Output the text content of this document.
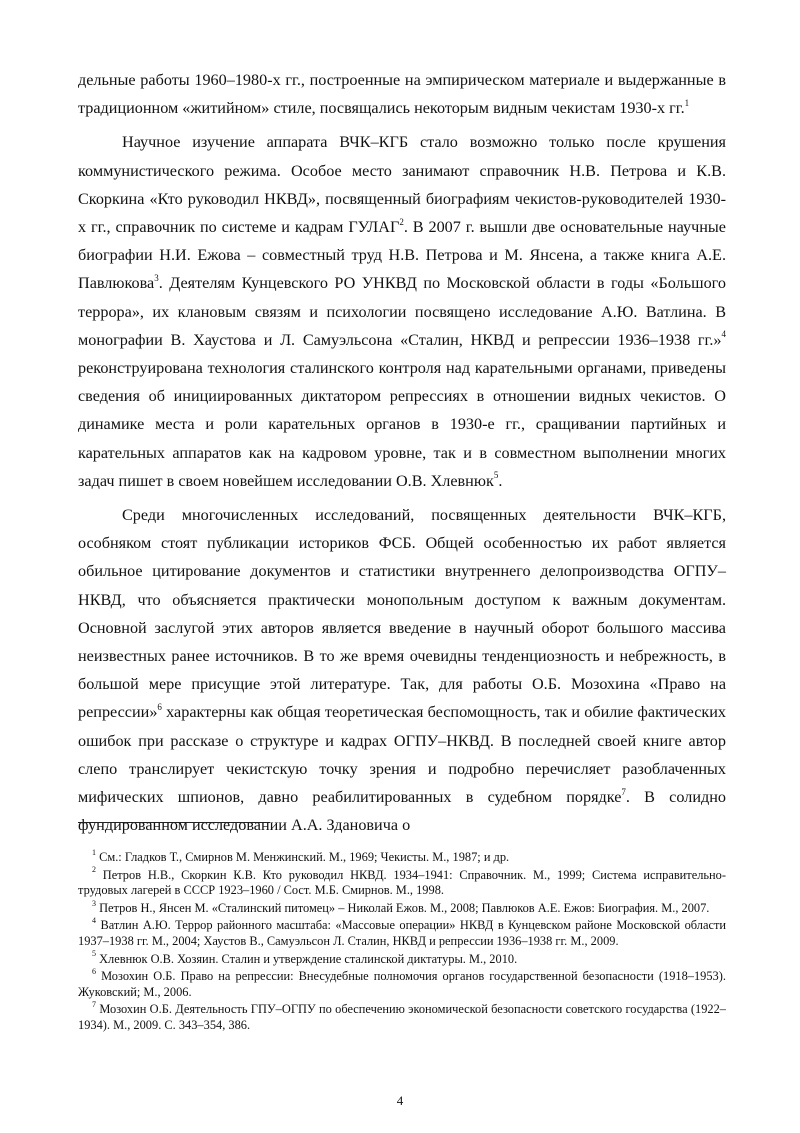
дельные работы 1960–1980-х гг., построенные на эмпирическом материале и выдержанные в традиционном «житийном» стиле, посвящались некоторым видным чекистам 1930-х гг.$^1$

Научное изучение аппарата ВЧК–КГБ стало возможно только после крушения коммунистического режима. Особое место занимают справочник Н.В. Петрова и К.В. Скоркина «Кто руководил НКВД», посвященный биографиям чекистов-руководителей 1930-х гг., справочник по системе и кадрам ГУЛАГ$^2$. В 2007 г. вышли две основательные научные биографии Н.И. Ежова – совместный труд Н.В. Петрова и М. Янсена, а также книга А.Е. Павлюкова$^3$. Деятелям Кунцевского РО УНКВД по Московской области в годы «Большого террора», их клановым связям и психологии посвящено исследование А.Ю. Ватлина. В монографии В. Хаустова и Л. Самуэльсона «Сталин, НКВД и репрессии 1936–1938 гг.»$^4$ реконструирована технология сталинского контроля над карательными органами, приведены сведения об инициированных диктатором репрессиях в отношении видных чекистов. О динамике места и роли карательных органов в 1930-е гг., сращивании партийных и карательных аппаратов как на кадровом уровне, так и в совместном выполнении многих задач пишет в своем новейшем исследовании О.В. Хлевнюк$^5$.

Среди многочисленных исследований, посвященных деятельности ВЧК–КГБ, особняком стоят публикации историков ФСБ. Общей особенностью их работ является обильное цитирование документов и статистики внутреннего делопроизводства ОГПУ–НКВД, что объясняется практически монопольным доступом к важным документам. Основной заслугой этих авторов является введение в научный оборот большого массива неизвестных ранее источников. В то же время очевидны тенденциозность и небрежность, в большой мере присущие этой литературе. Так, для работы О.Б. Мозохина «Право на репрессии»$^6$ характерны как общая теоретическая беспомощность, так и обилие фактических ошибок при рассказе о структуре и кадрах ОГПУ–НКВД. В последней своей книге автор слепо транслирует чекистскую точку зрения и подробно перечисляет разоблаченных мифических шпионов, давно реабилитированных в судебном порядке$^7$. В солидно фундированном исследовании А.А. Здановича о

$^1$ См.: Гладков Т., Смирнов М. Менжинский. М., 1969; Чекисты. М., 1987; и др.

$^2$ Петров Н.В., Скоркин К.В. Кто руководил НКВД. 1934–1941: Справочник. М., 1999; Система исправительно-трудовых лагерей в СССР 1923–1960 / Сост. М.Б. Смирнов. М., 1998.

$^3$ Петров Н., Янсен М. «Сталинский питомец» – Николай Ежов. М., 2008; Павлюков А.Е. Ежов: Биография. М., 2007.

$^4$ Ватлин А.Ю. Террор районного масштаба: «Массовые операции» НКВД в Кунцевском районе Московской области 1937–1938 гг. М., 2004; Хаустов В., Самуэльсон Л. Сталин, НКВД и репрессии 1936–1938 гг. М., 2009.

$^5$ Хлевнюк О.В. Хозяин. Сталин и утверждение сталинской диктатуры. М., 2010.

$^6$ Мозохин О.Б. Право на репрессии: Внесудебные полномочия органов государственной безопасности (1918–1953). Жуковский; М., 2006.

$^7$ Мозохин О.Б. Деятельность ГПУ–ОГПУ по обеспечению экономической безопасности советского государства (1922–1934). М., 2009. С. 343–354, 386.

4
